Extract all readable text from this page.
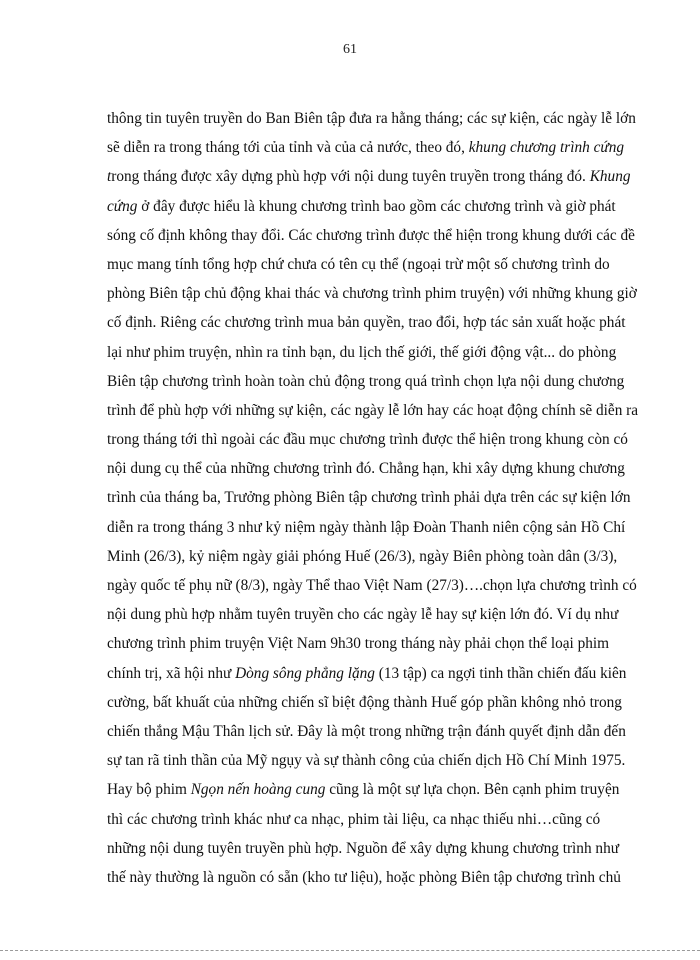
61
thông tin tuyên truyền do Ban Biên tập đưa ra hằng tháng; các sự kiện, các ngày lễ lớn
sẽ diễn ra trong tháng tới của tỉnh và của cả nước, theo đó, khung chương trình cứng
trong tháng được xây dựng phù hợp với nội dung tuyên truyền trong tháng đó. Khung
cứng ở đây được hiểu là khung chương trình bao gồm các chương trình và giờ phát
sóng cố định không thay đổi. Các chương trình được thể hiện trong khung dưới các đề
mục mang tính tổng hợp chứ chưa có tên cụ thể (ngoại trừ một số chương trình do
phòng Biên tập chủ động khai thác và chương trình phim truyện) với những khung giờ
cố định. Riêng các chương trình mua bản quyền, trao đổi, hợp tác sản xuất hoặc phát
lại như phim truyện, nhìn ra tỉnh bạn, du lịch thế giới, thế giới động vật... do phòng
Biên tập chương trình hoàn toàn chủ động trong quá trình chọn lựa nội dung chương
trình để phù hợp với những sự kiện, các ngày lễ lớn hay các hoạt động chính sẽ diễn ra
trong tháng tới thì ngoài các đầu mục chương trình được thể hiện trong khung còn có
nội dung cụ thể của những chương trình đó. Chẳng hạn, khi xây dựng khung chương
trình của tháng ba, Trưởng phòng Biên tập chương trình phải dựa trên các sự kiện lớn
diễn ra trong tháng 3 như kỷ niệm ngày thành lập Đoàn Thanh niên cộng sản Hồ Chí
Minh (26/3), kỷ niệm ngày giải phóng Huế (26/3), ngày Biên phòng toàn dân (3/3),
ngày quốc tế phụ nữ (8/3), ngày Thể thao Việt Nam (27/3)….chọn lựa chương trình có
nội dung phù hợp nhằm tuyên truyền cho các ngày lễ hay sự kiện lớn đó. Ví dụ như
chương trình phim truyện Việt Nam 9h30 trong tháng này phải chọn thể loại phim
chính trị, xã hội như Dòng sông phẳng lặng (13 tập) ca ngợi tinh thần chiến đấu kiên
cường, bất khuất của những chiến sĩ biệt động thành Huế góp phần không nhỏ trong
chiến thắng Mậu Thân lịch sử. Đây là một trong những trận đánh quyết định dẫn đến
sự tan rã tinh thần của Mỹ ngụy và sự thành công của chiến dịch Hồ Chí Minh 1975.
Hay bộ phim Ngọn nến hoàng cung cũng là một sự lựa chọn. Bên cạnh phim truyện
thì các chương trình khác như ca nhạc, phim tài liệu, ca nhạc thiếu nhi…cũng có
những nội dung tuyên truyền phù hợp. Nguồn để xây dựng khung chương trình như
thế này thường là nguồn có sẵn (kho tư liệu), hoặc phòng Biên tập chương trình chủ
